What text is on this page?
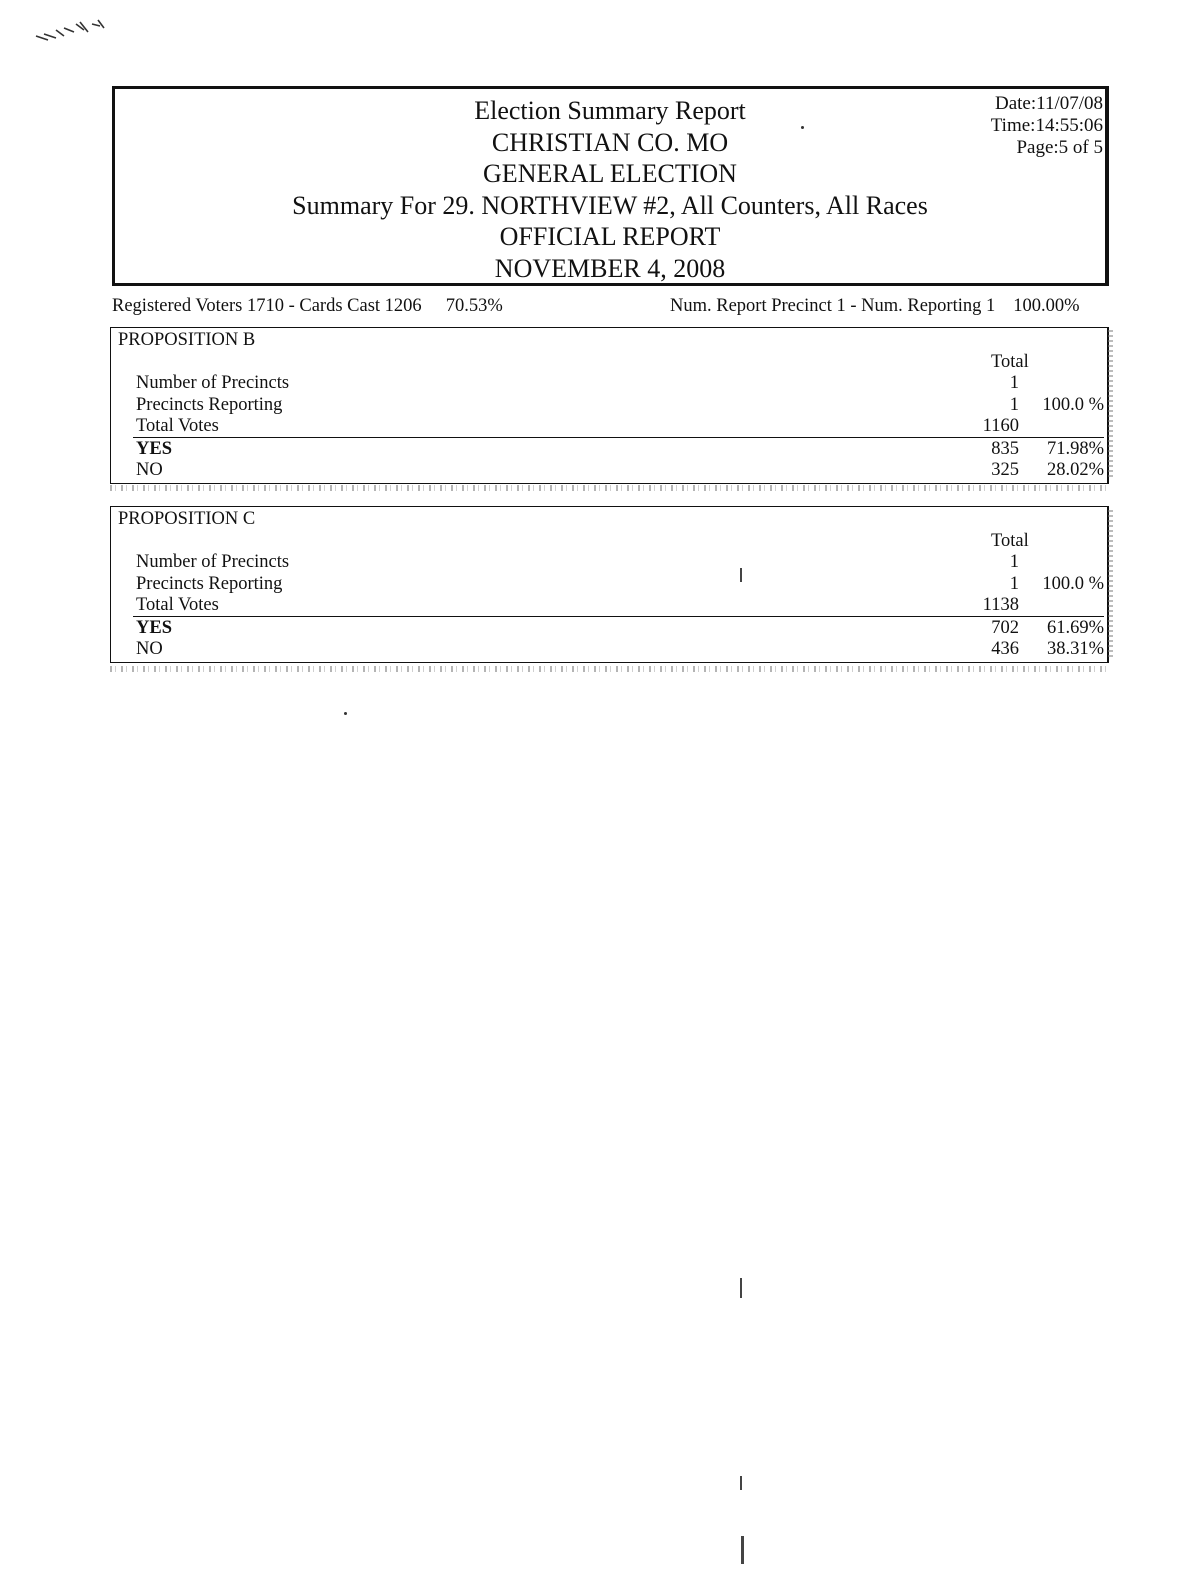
Election Summary Report
CHRISTIAN CO. MO
GENERAL ELECTION
Summary For 29. NORTHVIEW #2, All Counters, All Races
OFFICIAL REPORT
NOVEMBER 4, 2008
Date:11/07/08
Time:14:55:06
Page:5 of 5
Registered Voters 1710 - Cards Cast 1206 70.53%	Num. Report Precinct 1 - Num. Reporting 1 100.00%
PROPOSITION B
Total
Number of Precincts	1
Precincts Reporting	1 100.0 %
Total Votes	1160
YES	835 71.98%
NO	325 28.02%
PROPOSITION C
Total
Number of Precincts	1
Precincts Reporting	1 100.0 %
Total Votes	1138
YES	702 61.69%
NO	436 38.31%
